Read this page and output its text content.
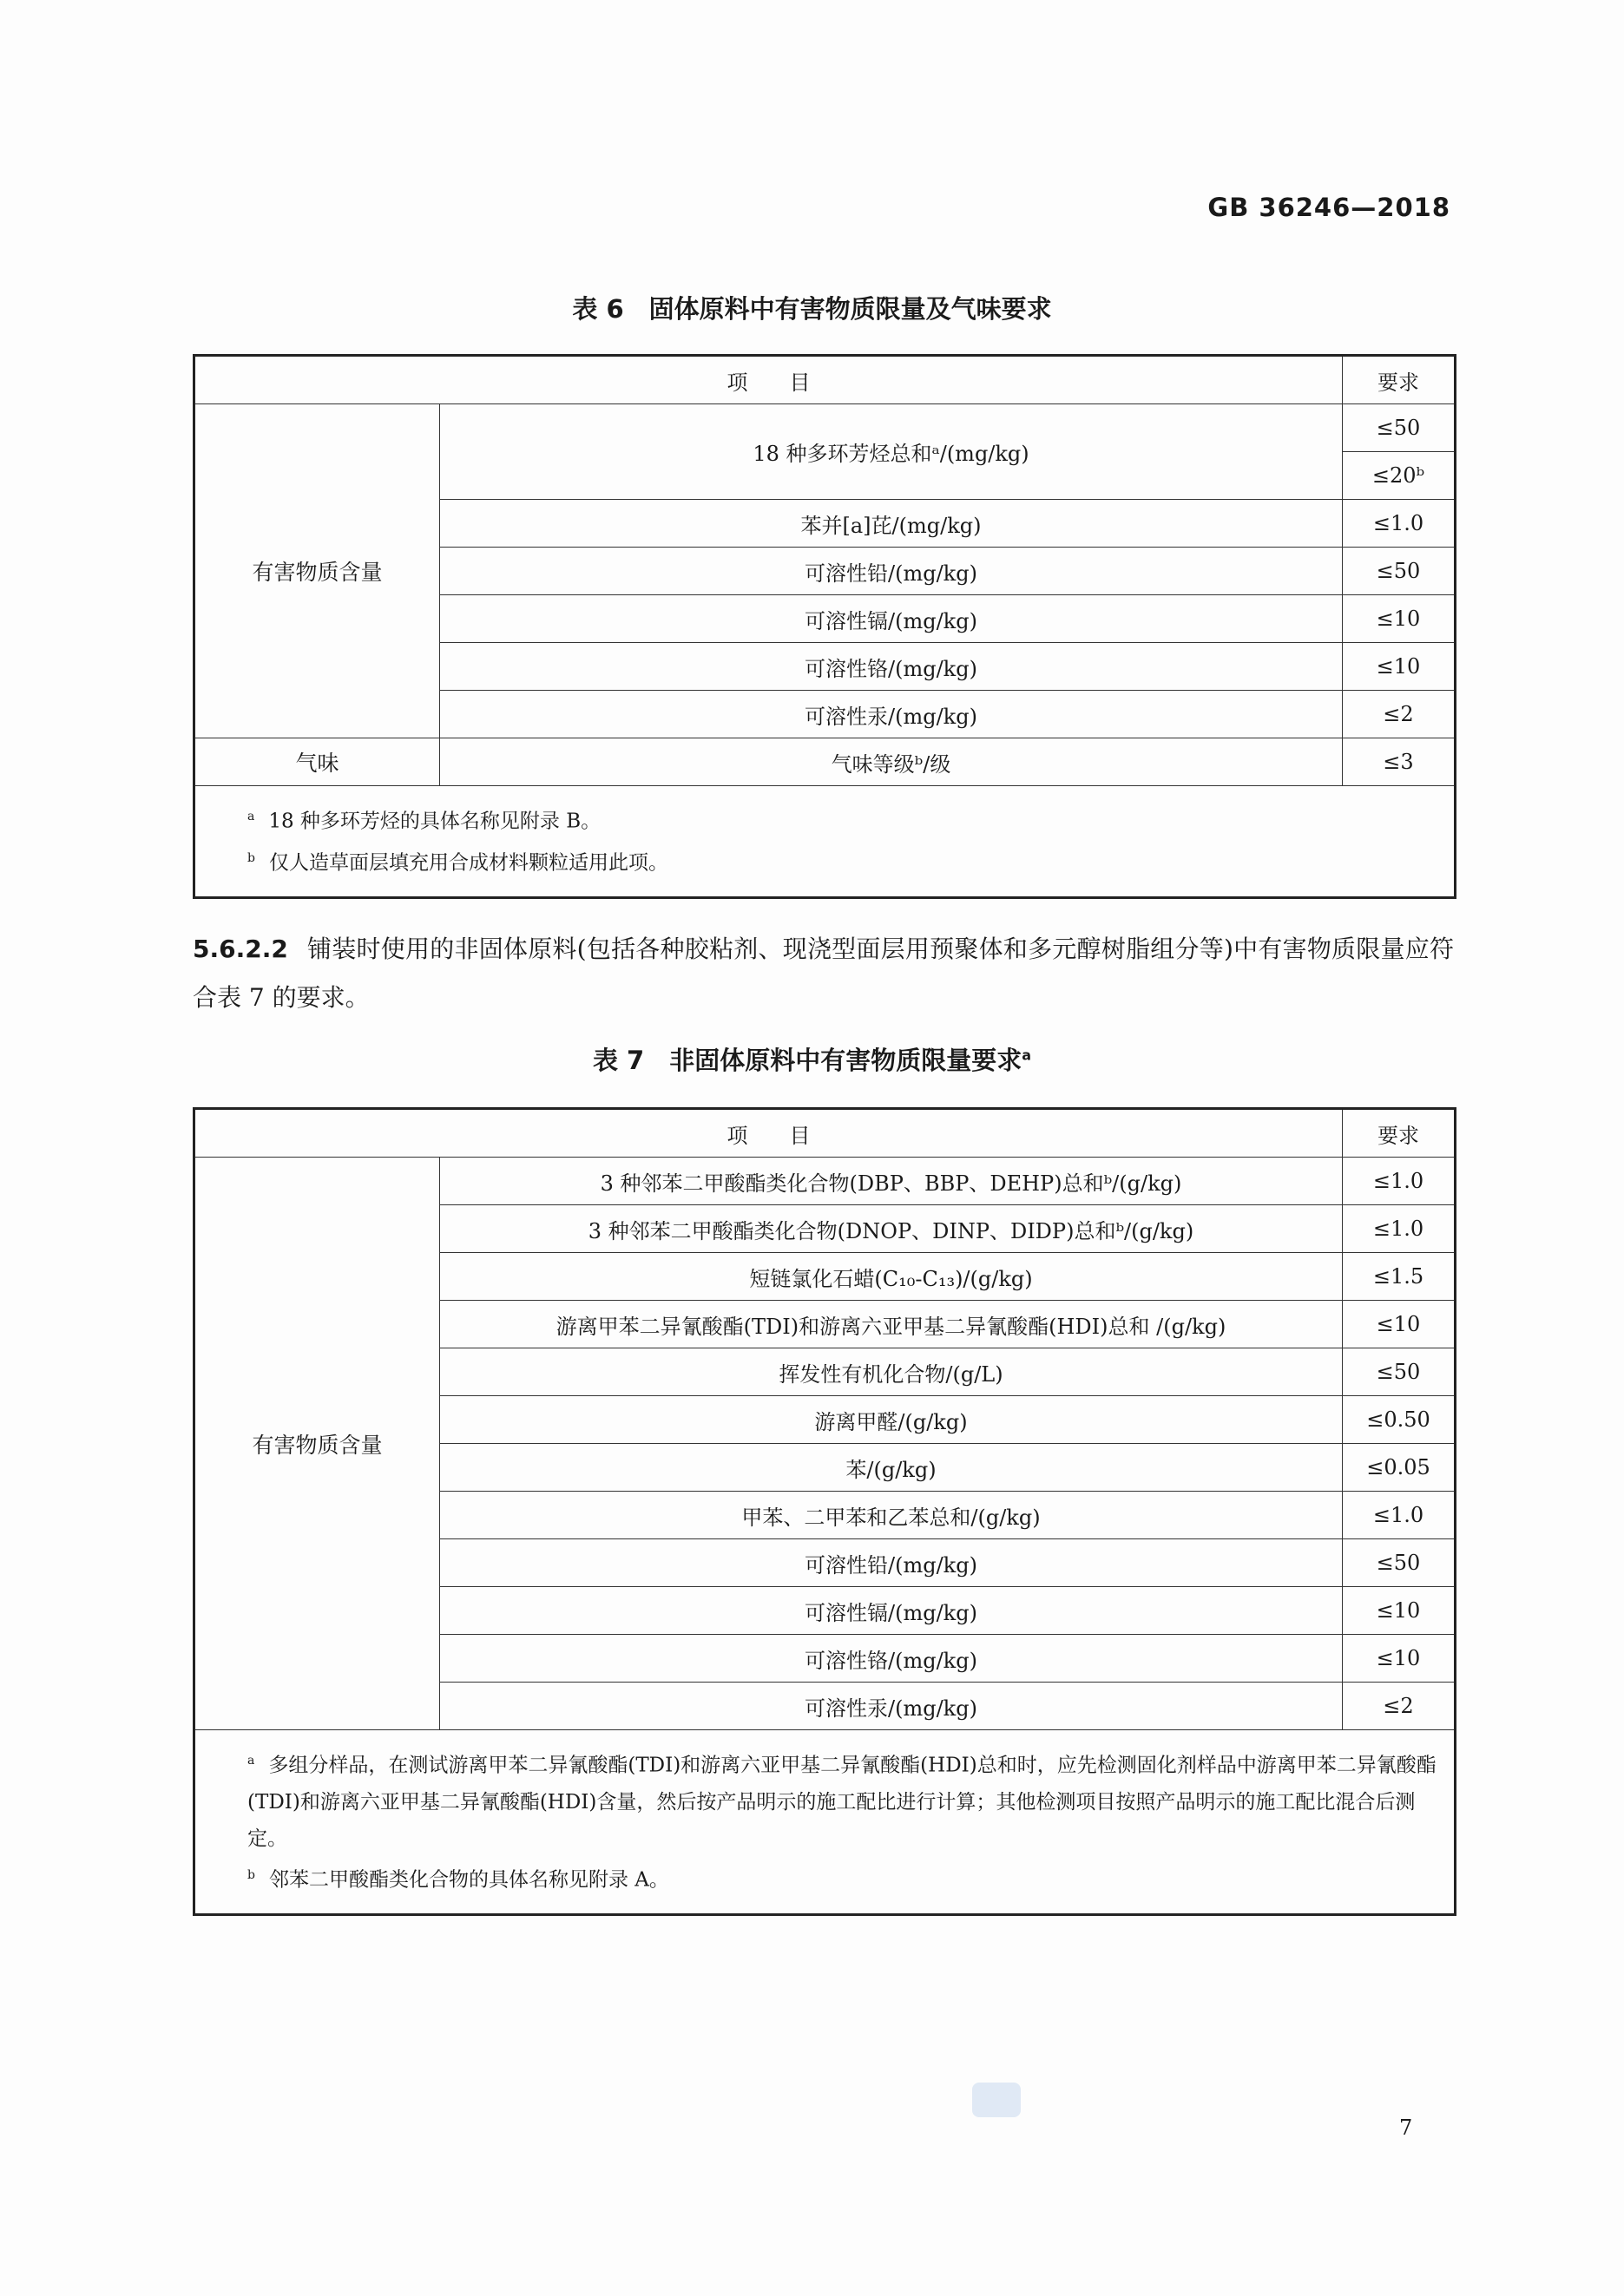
GB 36246—2018
表 6　固体原料中有害物质限量及气味要求
项　　目		要求
有害物质含量	18 种多环芳烃总和ᵃ/(mg/kg)	≤50
		≤20ᵇ
	苯并[a]芘/(mg/kg)	≤1.0
	可溶性铅/(mg/kg)	≤50
	可溶性镉/(mg/kg)	≤10
	可溶性铬/(mg/kg)	≤10
	可溶性汞/(mg/kg)	≤2
气味	气味等级ᵇ/级	≤3

$^a$ 18 种多环芳烃的具体名称见附录 B。
$^b$ 仅人造草面层填充用合成材料颗粒适用此项。		
5.6.2.2 铺装时使用的非固体原料(包括各种胶粘剂、现浇型面层用预聚体和多元醇树脂组分等)中有害物质限量应符合表 7 的要求。
表 7　非固体原料中有害物质限量要求$^a$
项　　目		要求
有害物质含量	3 种邻苯二甲酸酯类化合物(DBP、BBP、DEHP)总和ᵇ/(g/kg)	≤1.0
	3 种邻苯二甲酸酯类化合物(DNOP、DINP、DIDP)总和ᵇ/(g/kg)	≤1.0
	短链氯化石蜡(C₁₀-C₁₃)/(g/kg)	≤1.5
	游离甲苯二异氰酸酯(TDI)和游离六亚甲基二异氰酸酯(HDI)总和 /(g/kg)	≤10
	挥发性有机化合物/(g/L)	≤50
	游离甲醛/(g/kg)	≤0.50
	苯/(g/kg)	≤0.05
	甲苯、二甲苯和乙苯总和/(g/kg)	≤1.0
	可溶性铅/(mg/kg)	≤50
	可溶性镉/(mg/kg)	≤10
	可溶性铬/(mg/kg)	≤10
	可溶性汞/(mg/kg)	≤2

$^a$ 多组分样品，在测试游离甲苯二异氰酸酯(TDI)和游离六亚甲基二异氰酸酯(HDI)总和时，应先检测固化剂样品中游离甲苯二异氰酸酯(TDI)和游离六亚甲基二异氰酸酯(HDI)含量，然后按产品明示的施工配比进行计算；其他检测项目按照产品明示的施工配比混合后测定。
$^b$ 邻苯二甲酸酯类化合物的具体名称见附录 A。		
7
